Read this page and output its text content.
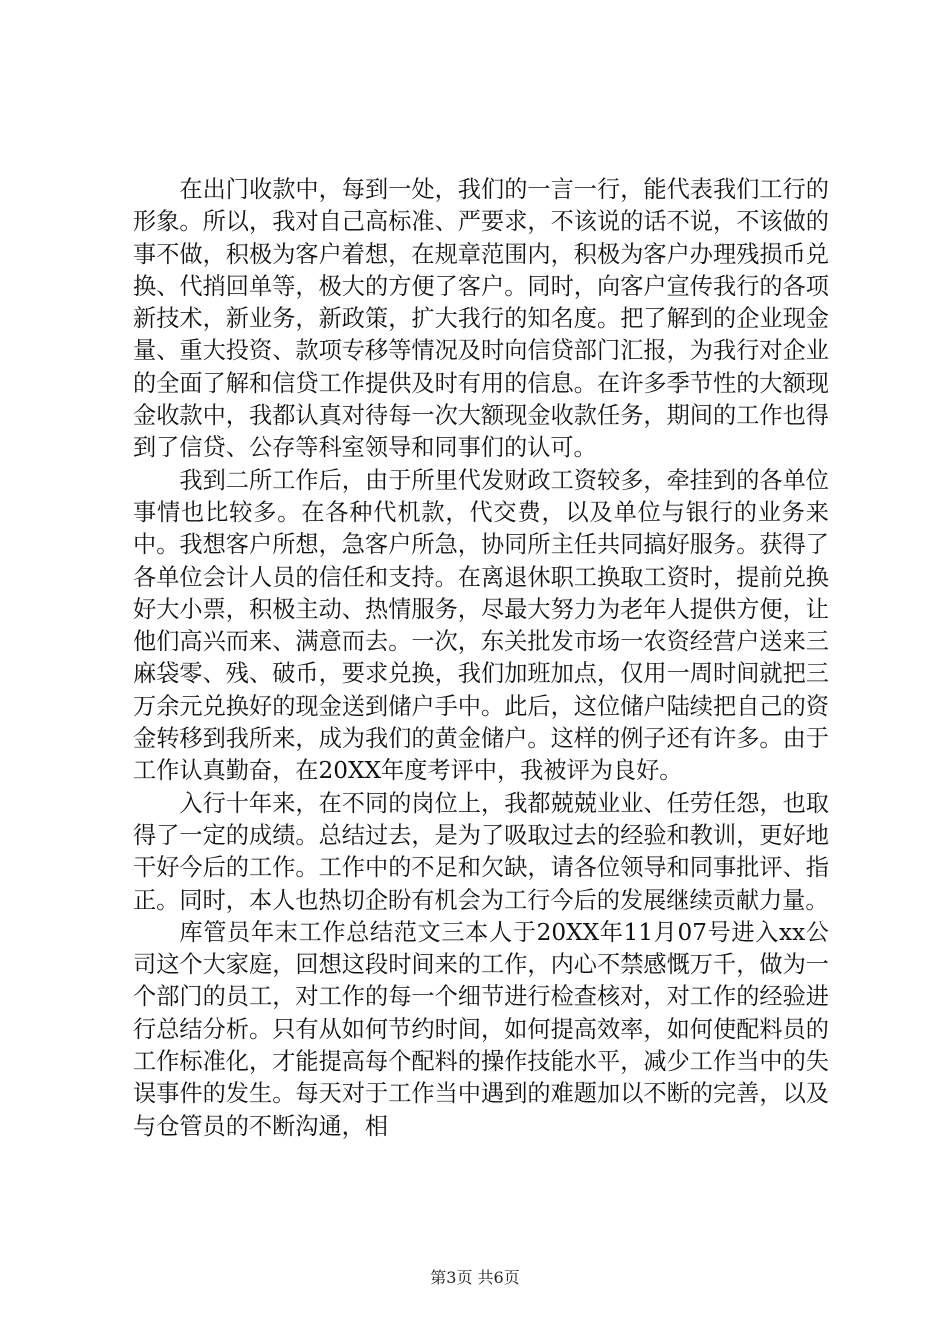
在出门收款中，每到一处，我们的一言一行，能代表我们工行的形象。所以，我对自己高标准、严要求，不该说的话不说，不该做的事不做，积极为客户着想，在规章范围内，积极为客户办理残损币兑换、代捎回单等，极大的方便了客户。同时，向客户宣传我行的各项新技术，新业务，新政策，扩大我行的知名度。把了解到的企业现金量、重大投资、款项专移等情况及时向信贷部门汇报，为我行对企业的全面了解和信贷工作提供及时有用的信息。在许多季节性的大额现金收款中，我都认真对待每一次大额现金收款任务，期间的工作也得到了信贷、公存等科室领导和同事们的认可。

我到二所工作后，由于所里代发财政工资较多，牵挂到的各单位事情也比较多。在各种代机款，代交费，以及单位与银行的业务来中。我想客户所想，急客户所急，协同所主任共同搞好服务。获得了各单位会计人员的信任和支持。在离退休职工换取工资时，提前兑换好大小票，积极主动、热情服务，尽最大努力为老年人提供方便，让他们高兴而来、满意而去。一次，东关批发市场一农资经营户送来三麻袋零、残、破币，要求兑换，我们加班加点，仅用一周时间就把三万余元兑换好的现金送到储户手中。此后，这位储户陆续把自己的资金转移到我所来，成为我们的黄金储户。这样的例子还有许多。由于工作认真勤奋，在20XX年度考评中，我被评为良好。

入行十年来，在不同的岗位上，我都兢兢业业、任劳任怨，也取得了一定的成绩。总结过去，是为了吸取过去的经验和教训，更好地干好今后的工作。工作中的不足和欠缺，请各位领导和同事批评、指正。同时，本人也热切企盼有机会为工行今后的发展继续贡献力量。

库管员年末工作总结范文三本人于20XX年11月07号进入xx公司这个大家庭，回想这段时间来的工作，内心不禁感慨万千，做为一个部门的员工，对工作的每一个细节进行检查核对，对工作的经验进行总结分析。只有从如何节约时间，如何提高效率，如何使配料员的工作标准化，才能提高每个配料的操作技能水平，减少工作当中的失误事件的发生。每天对于工作当中遇到的难题加以不断的完善，以及与仓管员的不断沟通，相

第3页 共6页
